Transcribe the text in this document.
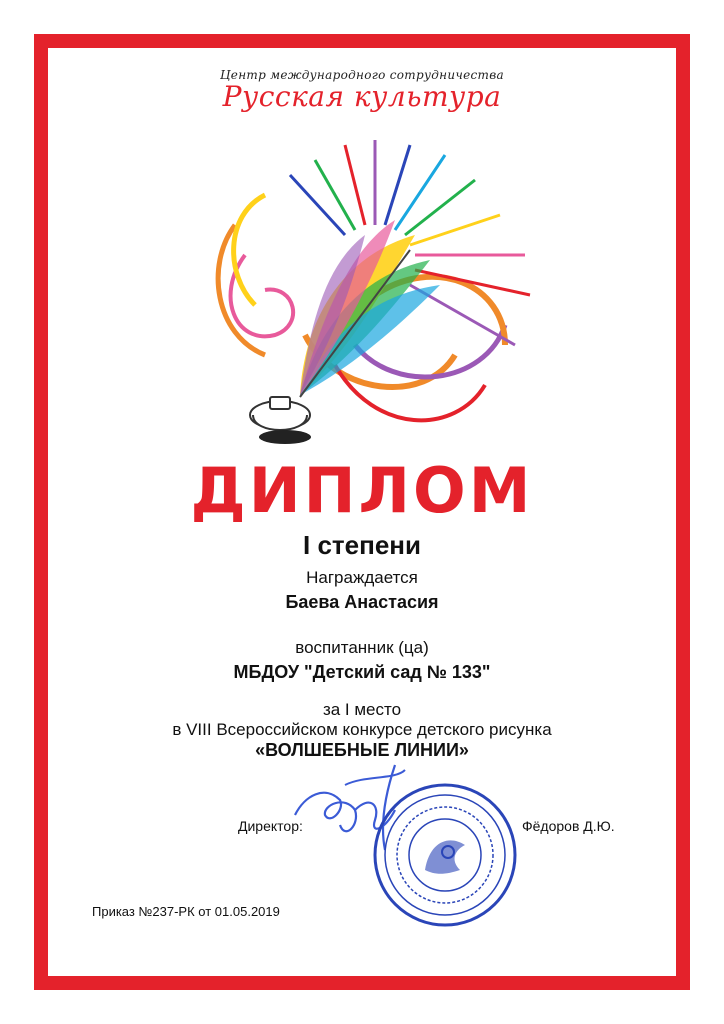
Центр международного сотрудничества
Русская культура
ДИПЛОМ
I степени
Награждается
Баева Анастасия
воспитанник (ца)
МБДОУ "Детский сад № 133"
за I место
в VIII Всероссийском конкурсе детского рисунка
«ВОЛШЕБНЫЕ ЛИНИИ»
Директор:	Фёдоров Д.Ю.
Приказ №237-РК от 01.05.2019
